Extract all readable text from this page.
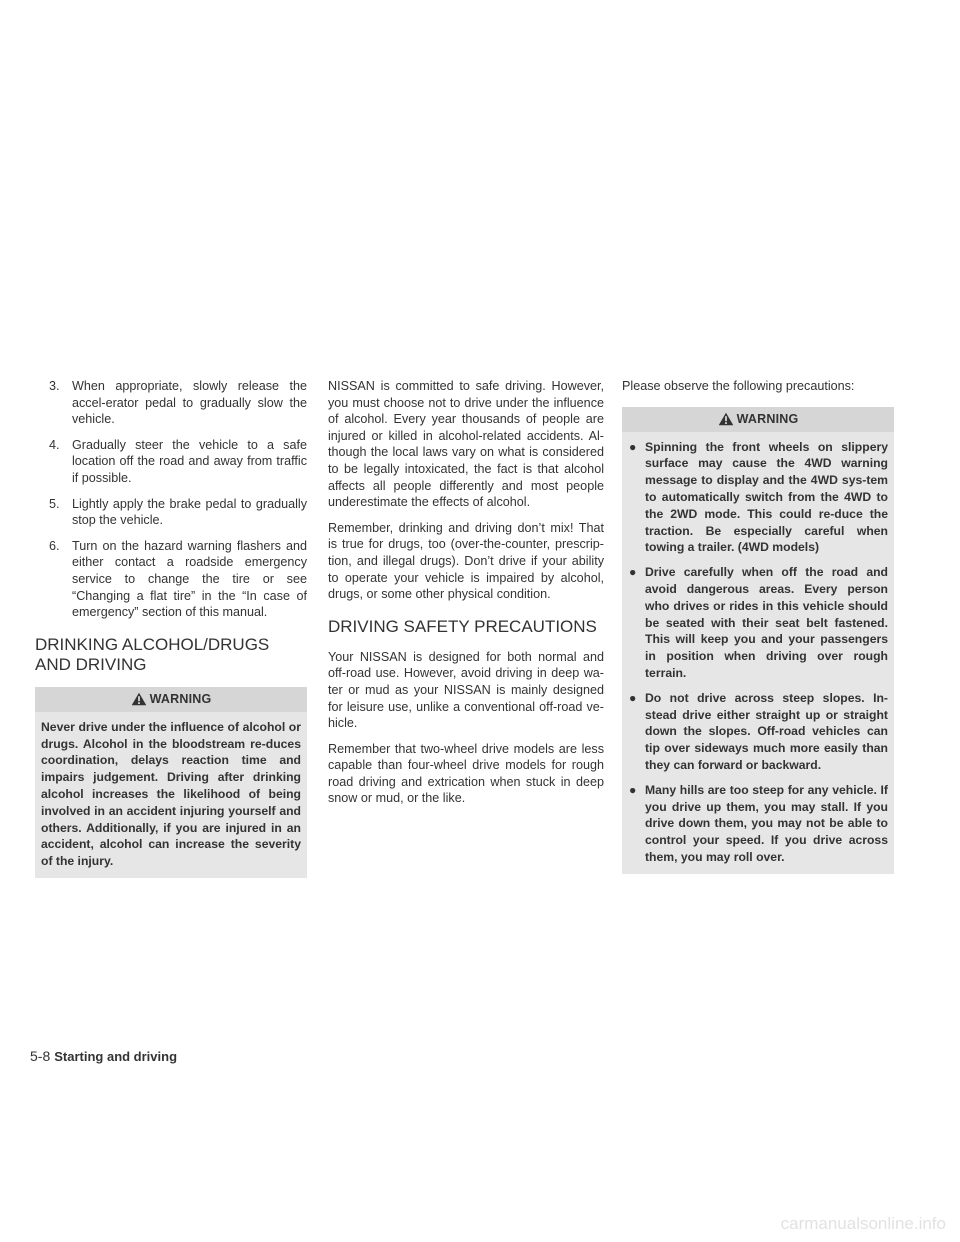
3. When appropriate, slowly release the accel-erator pedal to gradually slow the vehicle.
4. Gradually steer the vehicle to a safe location off the road and away from traffic if possible.
5. Lightly apply the brake pedal to gradually stop the vehicle.
6. Turn on the hazard warning flashers and either contact a roadside emergency service to change the tire or see “Changing a flat tire” in the “In case of emergency” section of this manual.
DRINKING ALCOHOL/DRUGS AND DRIVING
WARNING
Never drive under the influence of alcohol or drugs. Alcohol in the bloodstream re-duces coordination, delays reaction time and impairs judgement. Driving after drinking alcohol increases the likelihood of being involved in an accident injuring yourself and others. Additionally, if you are injured in an accident, alcohol can increase the severity of the injury.

NISSAN is committed to safe driving. However, you must choose not to drive under the influence of alcohol. Every year thousands of people are injured or killed in alcohol-related accidents. Al-though the local laws vary on what is considered to be legally intoxicated, the fact is that alcohol affects all people differently and most people underestimate the effects of alcohol.

Remember, drinking and driving don’t mix! That is true for drugs, too (over-the-counter, prescrip-tion, and illegal drugs). Don’t drive if your ability to operate your vehicle is impaired by alcohol, drugs, or some other physical condition.

DRIVING SAFETY PRECAUTIONS

Your NISSAN is designed for both normal and off-road use. However, avoid driving in deep wa-ter or mud as your NISSAN is mainly designed for leisure use, unlike a conventional off-road ve-hicle.

Remember that two-wheel drive models are less capable than four-wheel drive models for rough road driving and extrication when stuck in deep snow or mud, or the like.

Please observe the following precautions:

WARNING
● Spinning the front wheels on slippery surface may cause the 4WD warning message to display and the 4WD sys-tem to automatically switch from the 4WD to the 2WD mode. This could re-duce the traction. Be especially careful when towing a trailer. (4WD models)
● Drive carefully when off the road and avoid dangerous areas. Every person who drives or rides in this vehicle should be seated with their seat belt fastened. This will keep you and your passengers in position when driving over rough terrain.
● Do not drive across steep slopes. In-stead drive either straight up or straight down the slopes. Off-road vehicles can tip over sideways much more easily than they can forward or backward.
● Many hills are too steep for any vehicle. If you drive up them, you may stall. If you drive down them, you may not be able to control your speed. If you drive across them, you may roll over.
5-8 Starting and driving
carmanualsonline.info
